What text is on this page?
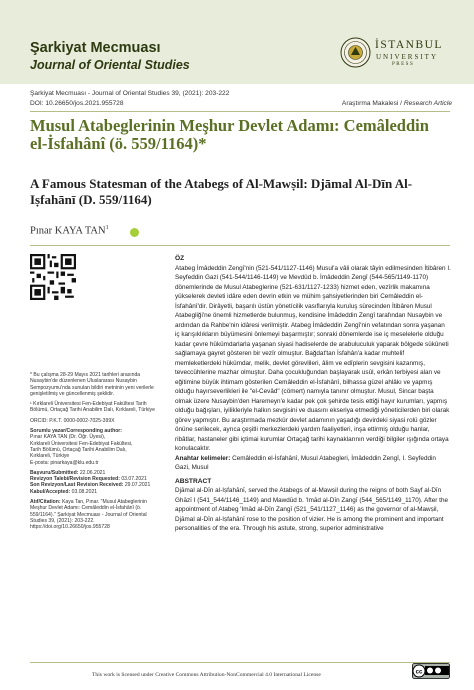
Şarkiyat Mecmuası
Journal of Oriental Studies
İSTANBUL
UNIVERSITY
PRESS
Şarkiyat Mecmuası - Journal of Oriental Studies 39, (2021): 203-222
DOI: 10.26650/jos.2021.955728	Araştırma Makalesi / Research Article
Musul Atabeglerinin Meşhur Devlet Adamı: Cemâleddin el-İsfahânî (ö. 559/1164)*
A Famous Statesman of the Atabegs of Al-Mawṣil: Djāmal Al-Dīn Al-Iṣfahānī (D. 559/1164)
Pınar KAYA TAN$^1$

* Bu çalışma 28-29 Mayıs 2021 tarihleri arasında Nusaybin'de düzenlenen Uluslararası Nusaybin Sempozyumu'nda sunulan bildiri metninin yeni verilerle genişletilmiş ve güncellenmiş şeklidir.

¹ Kırklareli Üniversitesi Fen-Edebiyat Fakültesi Tarih Bölümü, Ortaçağ Tarihi Anabilim Dalı, Kırklareli, Türkiye

ORCID: P.K.T. 0000-0002-7025-399X

Sorumlu yazar/Corresponding author:

Pınar KAYA TAN (Dr. Öğr. Üyesi),

Kırklareli Üniversitesi Fen-Edebiyat Fakültesi,

Tarih Bölümü, Ortaçağ Tarihi Anabilim Dalı,

Kırklareli, Türkiye

E-posta: pinarkaya@klu.edu.tr

Başvuru/Submitted: 22.06.2021

Revizyon Talebi/Revision Requested: 03.07.2021

Son Revizyon/Last Revision Received: 29.07.2021

Kabul/Accepted: 03.08.2021

Atıf/Citation: Kaya Tan, Pınar. "Musul Atabeglerinin Meşhur Devlet Adamı: Cemâleddin el-İsfahânî (ö. 559/1164)." Şarkiyat Mecmuası - Journal of Oriental Studies 39, (2021): 203-222. https://doi.org/10.26650/jos.955728

ÖZ

Atabeg İmâdeddin Zengî'nin (521-541/1127-1146) Musul'a vâli olarak tâyin edilmesinden İtibâren I. Seyfeddin Gazi (541-544/1146-1149) ve Mevdûd b. İmâdeddin Zengî (544-565/1149-1170) dönemlerinde de Musul Atabeglerine (521-631/1127-1233) hizmet eden, vezîrlik makamına yükselerek devleti idâre eden devrin etkin ve mühim şahsiyetlerinden biri Cemâleddin el-İsfahânî'dir. Dirâyetli, başarılı üstün yönetícilik vasıflarıyla kuruluş sürecinden İtibâren Musul Atabegliği'ne önemli hizmetlerde bulunmuş, kendisine İmâdeddin Zengî tarafından Nusaybin ve ardından da Rahbe'nin idâresi verilmiştir. Atabeg İmâdeddin Zengî'nin vefatından sonra yaşanan iç karışıklıkların büyümesini önlemeyi başarmıştır; sonraki dönemlerde ise iç meselelerle olduğu kadar çevre hükümdarlarla yaşanan siyasi hadiselerde de arabuluculuk yaparak bölgede sükûneti sağlamaya gayret gösteren bir vezîr olmuştur. Bağdat'tan İsfahân'a kadar muhtelif memleketlerdeki hükümdar, melik, devlet görevlileri, âlim ve edîplerin sevgisini kazanmış, teveccühlerine mazhar olmuştur. Daha çocukluğundan başlayarak usûl, erkân terbiyesi alan ve eğitimine büyük ihtimam gösterilen Cemâleddin el-İsfahânî, bilhassa güzel ahlâkı ve yapmış olduğu hayırseverlikleri ile "el-Cevâd" (cömert) namıyla tanınır olmuştur. Musul, Sincar başta olmak üzere Nusaybin'den Haremeyn'e kadar pek çok şehirde tesis ettiği hayır kurumları, yapmış olduğu bağışları, iyilikleriyle halkın sevgisini ve duasını ekseriya etmediği yöneticilerden biri olarak görev yapmıştır. Bu araştırmada mezkûr devlet adamının yaşadığı devirdeki siyasi rolü gözler önüne serilecek, ayrıca çeşitli merkezlerdeki yardım faaliyetleri, inşa ettirmiş olduğu hanlar, ribâtlar, hastaneler gibi içtimai kurumlar Ortaçağ tarihi kaynaklarının verdiği bilgiler ışığında ortaya konulacaktır.

Anahtar kelimeler: Cemâleddin el-İsfahânî, Musul Atabegleri, İmâdeddin Zengî, I. Seyfeddin Gazi, Musul

ABSTRACT

Djāmal al-Dīn al-Iṣfahānī, served the Atabegs of al-Mawṣil during the reigns of both Sayf al-Dīn Ghāzī I (541_544/1146_1149) and Mawdūd b. 'Imād al-Dīn Zangī (544_565/1149_1170). After the appointment of Atabeg 'Imād al-Dīn Zangī (521_541/1127_1146) as the governor of al-Mawṣil, Djāmal al-Dīn al-Iṣfahānī rose to the position of vizier. He is among the prominent and important personalities of the era. Through his astute, strong, superior administrative

This work is licensed under Creative Commons Attribution-NonCommercial 4.0 International License	cc
